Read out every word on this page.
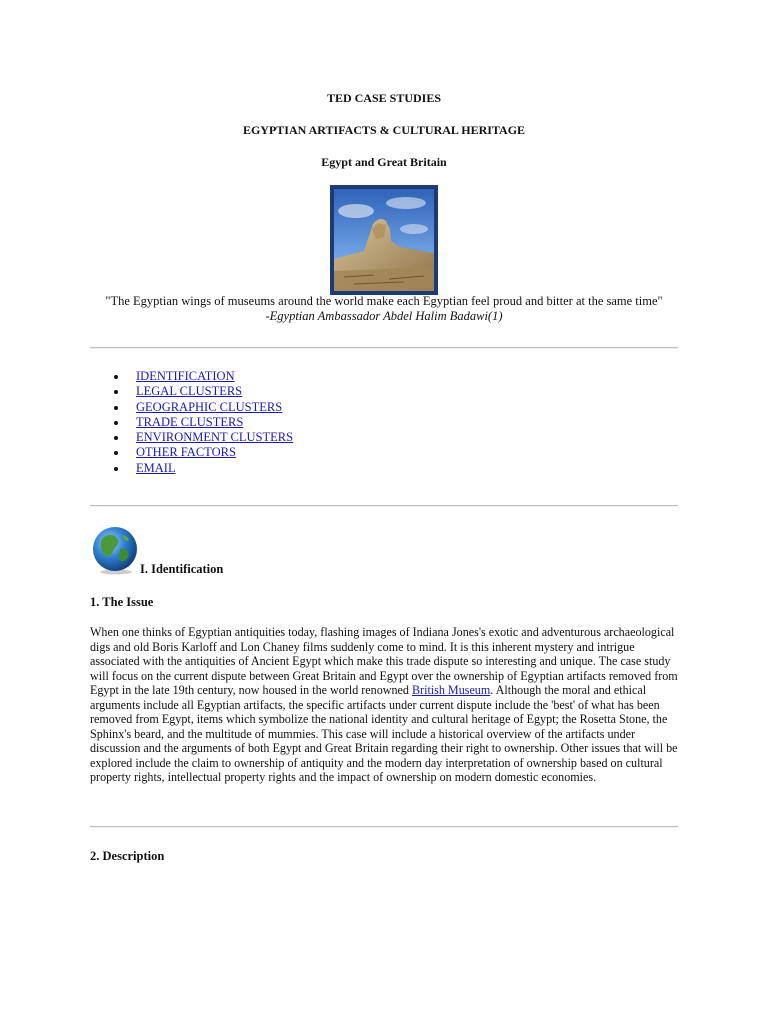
TED CASE STUDIES
EGYPTIAN ARTIFACTS & CULTURAL HERITAGE
Egypt and Great Britain
"The Egyptian wings of museums around the world make each Egyptian feel proud and bitter at the same time"
-Egyptian Ambassador Abdel Halim Badawi(1)
IDENTIFICATION
LEGAL CLUSTERS
GEOGRAPHIC CLUSTERS
TRADE CLUSTERS
ENVIRONMENT CLUSTERS
OTHER FACTORS
EMAIL
I. Identification
1. The Issue
When one thinks of Egyptian antiquities today, flashing images of Indiana Jones's exotic and adventurous archaeological digs and old Boris Karloff and Lon Chaney films suddenly come to mind. It is this inherent mystery and intrigue associated with the antiquities of Ancient Egypt which make this trade dispute so interesting and unique. The case study will focus on the current dispute between Great Britain and Egypt over the ownership of Egyptian artifacts removed from Egypt in the late 19th century, now housed in the world renowned British Museum. Although the moral and ethical arguments include all Egyptian artifacts, the specific artifacts under current dispute include the 'best' of what has been removed from Egypt, items which symbolize the national identity and cultural heritage of Egypt; the Rosetta Stone, the Sphinx's beard, and the multitude of mummies. This case will include a historical overview of the artifacts under discussion and the arguments of both Egypt and Great Britain regarding their right to ownership. Other issues that will be explored include the claim to ownership of antiquity and the modern day interpretation of ownership based on cultural property rights, intellectual property rights and the impact of ownership on modern domestic economies.
2. Description
